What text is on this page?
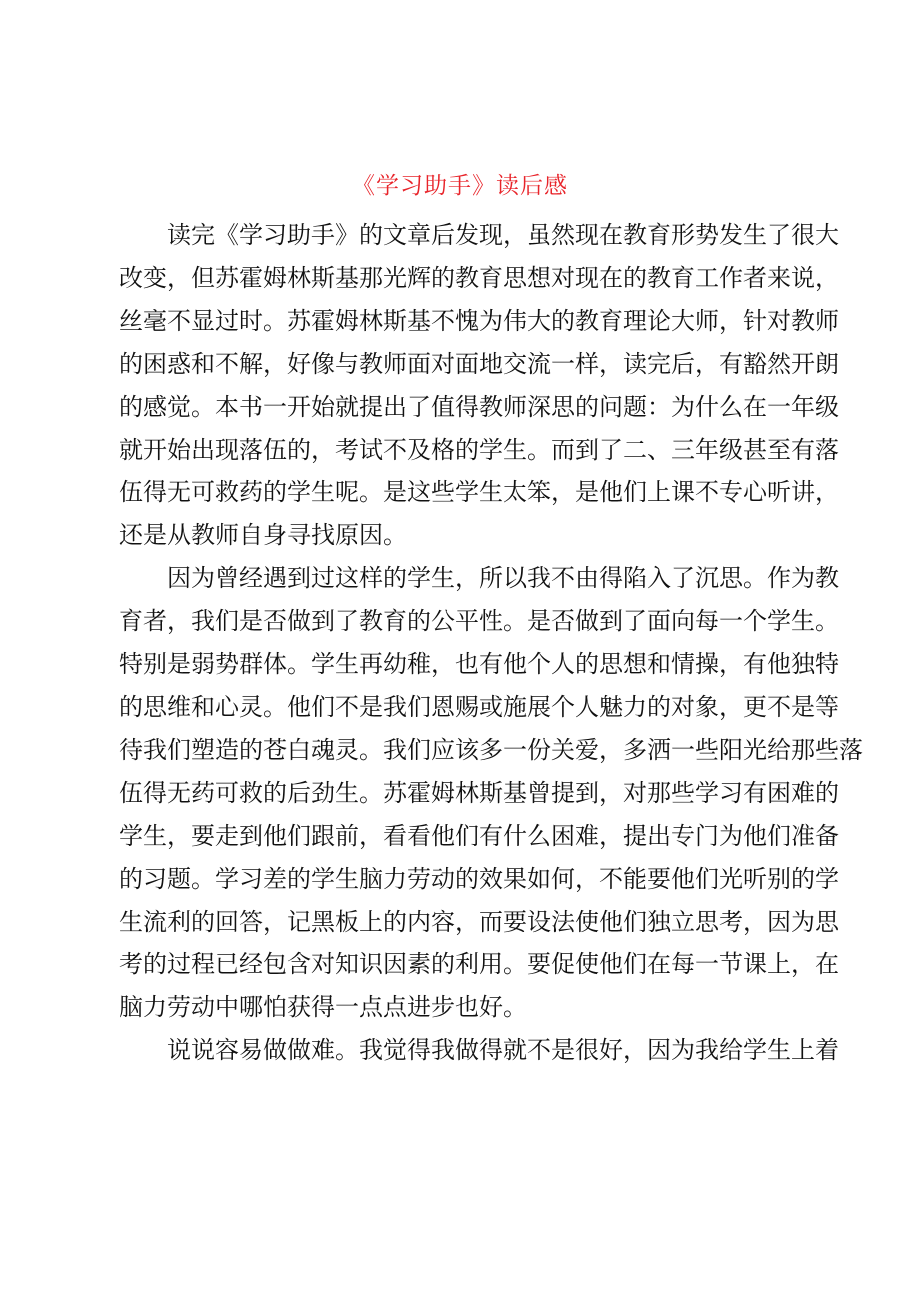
《学习助手》读后感
读完《学习助手》的文章后发现，虽然现在教育形势发生了很大
改变，但苏霍姆林斯基那光辉的教育思想对现在的教育工作者来说，
丝毫不显过时。苏霍姆林斯基不愧为伟大的教育理论大师，针对教师
的困惑和不解，好像与教师面对面地交流一样，读完后，有豁然开朗
的感觉。本书一开始就提出了值得教师深思的问题：为什么在一年级
就开始出现落伍的，考试不及格的学生。而到了二、三年级甚至有落
伍得无可救药的学生呢。是这些学生太笨，是他们上课不专心听讲，
还是从教师自身寻找原因。
因为曾经遇到过这样的学生，所以我不由得陷入了沉思。作为教
育者，我们是否做到了教育的公平性。是否做到了面向每一个学生。
特别是弱势群体。学生再幼稚，也有他个人的思想和情操，有他独特
的思维和心灵。他们不是我们恩赐或施展个人魅力的对象，更不是等
待我们塑造的苍白魂灵。我们应该多一份关爱，多洒一些阳光给那些落
伍得无药可救的后劲生。苏霍姆林斯基曾提到，对那些学习有困难的
学生，要走到他们跟前，看看他们有什么困难，提出专门为他们准备
的习题。学习差的学生脑力劳动的效果如何，不能要他们光听别的学
生流利的回答，记黑板上的内容，而要设法使他们独立思考，因为思
考的过程已经包含对知识因素的利用。要促使他们在每一节课上，在
脑力劳动中哪怕获得一点点进步也好。
说说容易做做难。我觉得我做得就不是很好，因为我给学生上着
